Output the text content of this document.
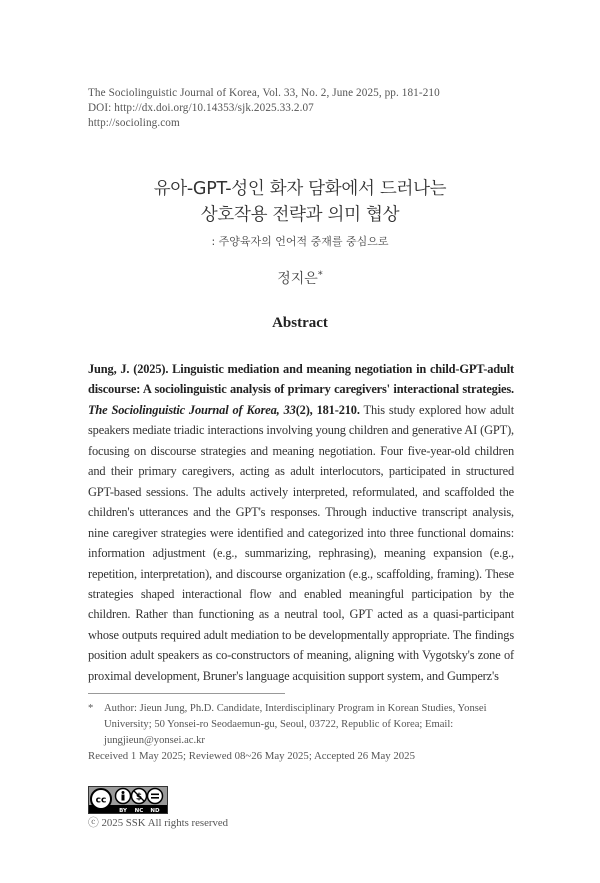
The Sociolinguistic Journal of Korea, Vol. 33, No. 2, June 2025, pp. 181-210
DOI: http://dx.doi.org/10.14353/sjk.2025.33.2.07
http://socioling.com
유아-GPT-성인 화자 담화에서 드러나는
상호작용 전략과 의미 협상
: 주양육자의 언어적 중재를 중심으로
정지은*
Abstract
Jung, J. (2025). Linguistic mediation and meaning negotiation in child-GPT-adult discourse: A sociolinguistic analysis of primary caregivers' interactional strategies. The Sociolinguistic Journal of Korea, 33(2), 181-210. This study explored how adult speakers mediate triadic interactions involving young children and generative AI (GPT), focusing on discourse strategies and meaning negotiation. Four five-year-old children and their primary caregivers, acting as adult interlocutors, participated in structured GPT-based sessions. The adults actively interpreted, reformulated, and scaffolded the children's utterances and the GPT's responses. Through inductive transcript analysis, nine caregiver strategies were identified and categorized into three functional domains: information adjustment (e.g., summarizing, rephrasing), meaning expansion (e.g., repetition, interpretation), and discourse organization (e.g., scaffolding, framing). These strategies shaped interactional flow and enabled meaningful participation by the children. Rather than functioning as a neutral tool, GPT acted as a quasi-participant whose outputs required adult mediation to be developmentally appropriate. The findings position adult speakers as co-constructors of meaning, aligning with Vygotsky's zone of proximal development, Bruner's language acquisition support system, and Gumperz's
* Author: Jieun Jung, Ph.D. Candidate, Interdisciplinary Program in Korean Studies, Yonsei University; 50 Yonsei-ro Seodaemun-gu, Seoul, 03722, Republic of Korea; Email: jungjieun@yonsei.ac.kr
Received 1 May 2025; Reviewed 08~26 May 2025; Accepted 26 May 2025
cc	$
BY NC ND
ⓒ 2025 SSK All rights reserved
